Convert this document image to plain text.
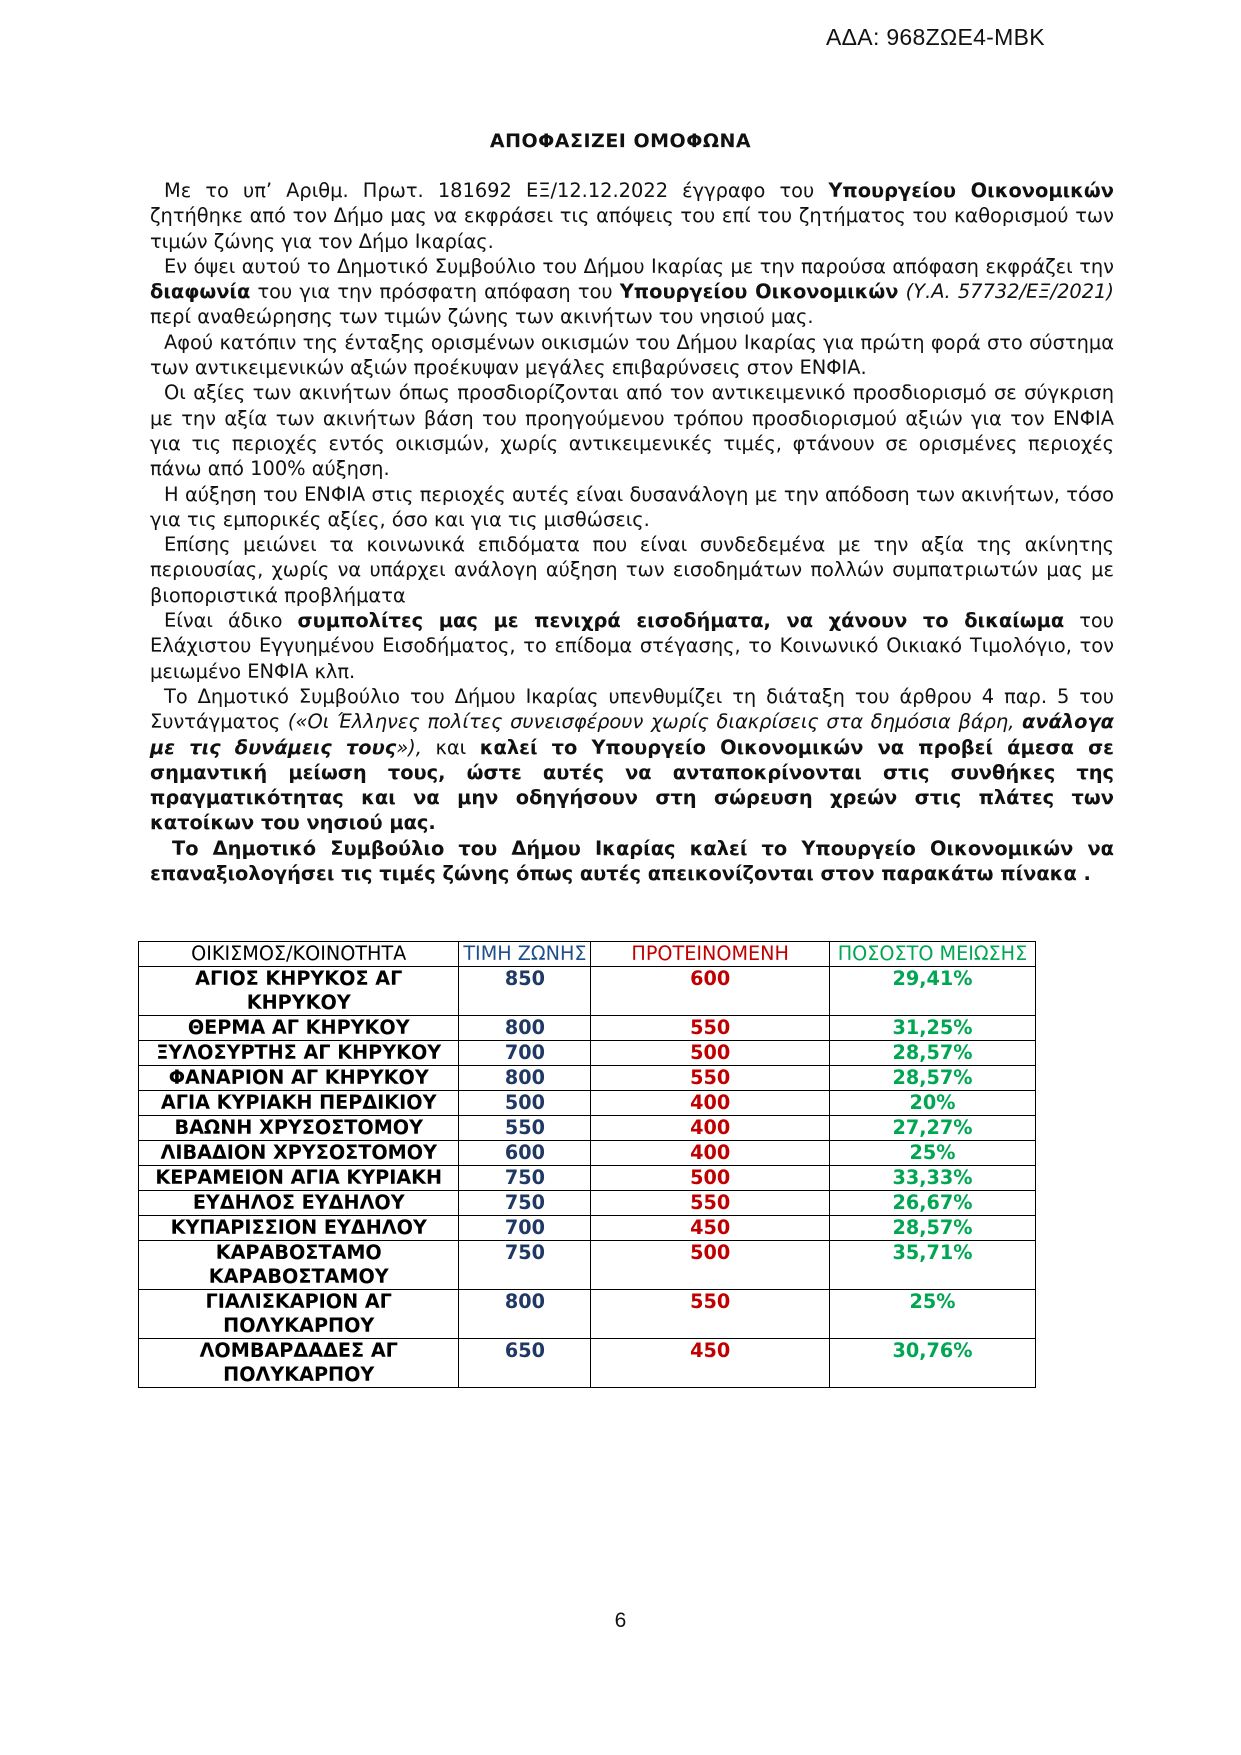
ΑΔΑ: 968ΖΩΕ4-ΜΒΚ
ΑΠΟΦΑΣΙΖΕΙ ΟΜΟΦΩΝΑ

Με το υπ’ Αριθμ. Πρωτ. 181692 ΕΞ/12.12.2022 έγγραφο του Υπουργείου Οικονομικών ζητήθηκε από τον Δήμο μας να εκφράσει τις απόψεις του επί του ζητήματος του καθορισμού των τιμών ζώνης για τον Δήμο Ικαρίας.

Εν όψει αυτού το Δημοτικό Συμβούλιο του Δήμου Ικαρίας με την παρούσα απόφαση εκφράζει την διαφωνία του για την πρόσφατη απόφαση του Υπουργείου Οικονομικών (Υ.Α. 57732/ΕΞ/2021) περί αναθεώρησης των τιμών ζώνης των ακινήτων του νησιού μας.

Αφού κατόπιν της ένταξης ορισμένων οικισμών του Δήμου Ικαρίας για πρώτη φορά στο σύστημα των αντικειμενικών αξιών προέκυψαν μεγάλες επιβαρύνσεις στον ΕΝΦΙΑ.

Οι αξίες των ακινήτων όπως προσδιορίζονται από τον αντικειμενικό προσδιορισμό σε σύγκριση με την αξία των ακινήτων βάση του προηγούμενου τρόπου προσδιορισμού αξιών για τον ΕΝΦΙΑ για τις περιοχές εντός οικισμών, χωρίς αντικειμενικές τιμές, φτάνουν σε ορισμένες περιοχές πάνω από 100% αύξηση.

Η αύξηση του ΕΝΦΙΑ στις περιοχές αυτές είναι δυσανάλογη με την απόδοση των ακινήτων, τόσο για τις εμπορικές αξίες, όσο και για τις μισθώσεις.

Επίσης μειώνει τα κοινωνικά επιδόματα που είναι συνδεδεμένα με την αξία της ακίνητης περιουσίας, χωρίς να υπάρχει ανάλογη αύξηση των εισοδημάτων πολλών συμπατριωτών μας με βιοποριστικά προβλήματα

Είναι άδικο συμπολίτες μας με πενιχρά εισοδήματα, να χάνουν το δικαίωμα του Ελάχιστου Εγγυημένου Εισοδήματος, το επίδομα στέγασης, το Κοινωνικό Οικιακό Τιμολόγιο, τον μειωμένο ΕΝΦΙΑ κλπ.

Το Δημοτικό Συμβούλιο του Δήμου Ικαρίας υπενθυμίζει τη διάταξη του άρθρου 4 παρ. 5 του Συντάγματος («Οι Έλληνες πολίτες συνεισφέρουν χωρίς διακρίσεις στα δημόσια βάρη, ανάλογα με τις δυνάμεις τους»), και καλεί το Υπουργείο Οικονομικών να προβεί άμεσα σε σημαντική μείωση τους, ώστε αυτές να ανταποκρίνονται στις συνθήκες της πραγματικότητας και να μην οδηγήσουν στη σώρευση χρεών στις πλάτες των κατοίκων του νησιού μας.

Το Δημοτικό Συμβούλιο του Δήμου Ικαρίας καλεί το Υπουργείο Οικονομικών να επαναξιολογήσει τις τιμές ζώνης όπως αυτές απεικονίζονται στον παρακάτω πίνακα .

ΟΙΚΙΣΜΟΣ/ΚΟΙΝΟΤΗΤΑ	ΤΙΜΗ ΖΩΝΗΣ	ΠΡΟΤΕΙΝΟΜΕΝΗ	ΠΟΣΟΣΤΟ ΜΕΙΩΣΗΣ
ΑΓΙΟΣ ΚΗΡΥΚΟΣ ΑΓ ΚΗΡΥΚΟΥ	850	600	29,41%
ΘΕΡΜΑ ΑΓ ΚΗΡΥΚΟΥ	800	550	31,25%
ΞΥΛΟΣΥΡΤΗΣ ΑΓ ΚΗΡΥΚΟΥ	700	500	28,57%
ΦΑΝΑΡΙΟΝ ΑΓ ΚΗΡΥΚΟΥ	800	550	28,57%
ΑΓΙΑ ΚΥΡΙΑΚΗ ΠΕΡΔΙΚΙΟΥ	500	400	20%
ΒΑΩΝΗ ΧΡΥΣΟΣΤΟΜΟΥ	550	400	27,27%
ΛΙΒΑΔΙΟΝ ΧΡΥΣΟΣΤΟΜΟΥ	600	400	25%
ΚΕΡΑΜΕΙΟΝ ΑΓΙΑ ΚΥΡΙΑΚΗ	750	500	33,33%
ΕΥΔΗΛΟΣ ΕΥΔΗΛΟΥ	750	550	26,67%
ΚΥΠΑΡΙΣΣΙΟΝ ΕΥΔΗΛΟΥ	700	450	28,57%
ΚΑΡΑΒΟΣΤΑΜΟ ΚΑΡΑΒΟΣΤΑΜΟΥ	750	500	35,71%
ΓΙΑΛΙΣΚΑΡΙΟΝ ΑΓ ΠΟΛΥΚΑΡΠΟΥ	800	550	25%
ΛΟΜΒΑΡΔΑΔΕΣ ΑΓ ΠΟΛΥΚΑΡΠΟΥ	650	450	30,76%
6
